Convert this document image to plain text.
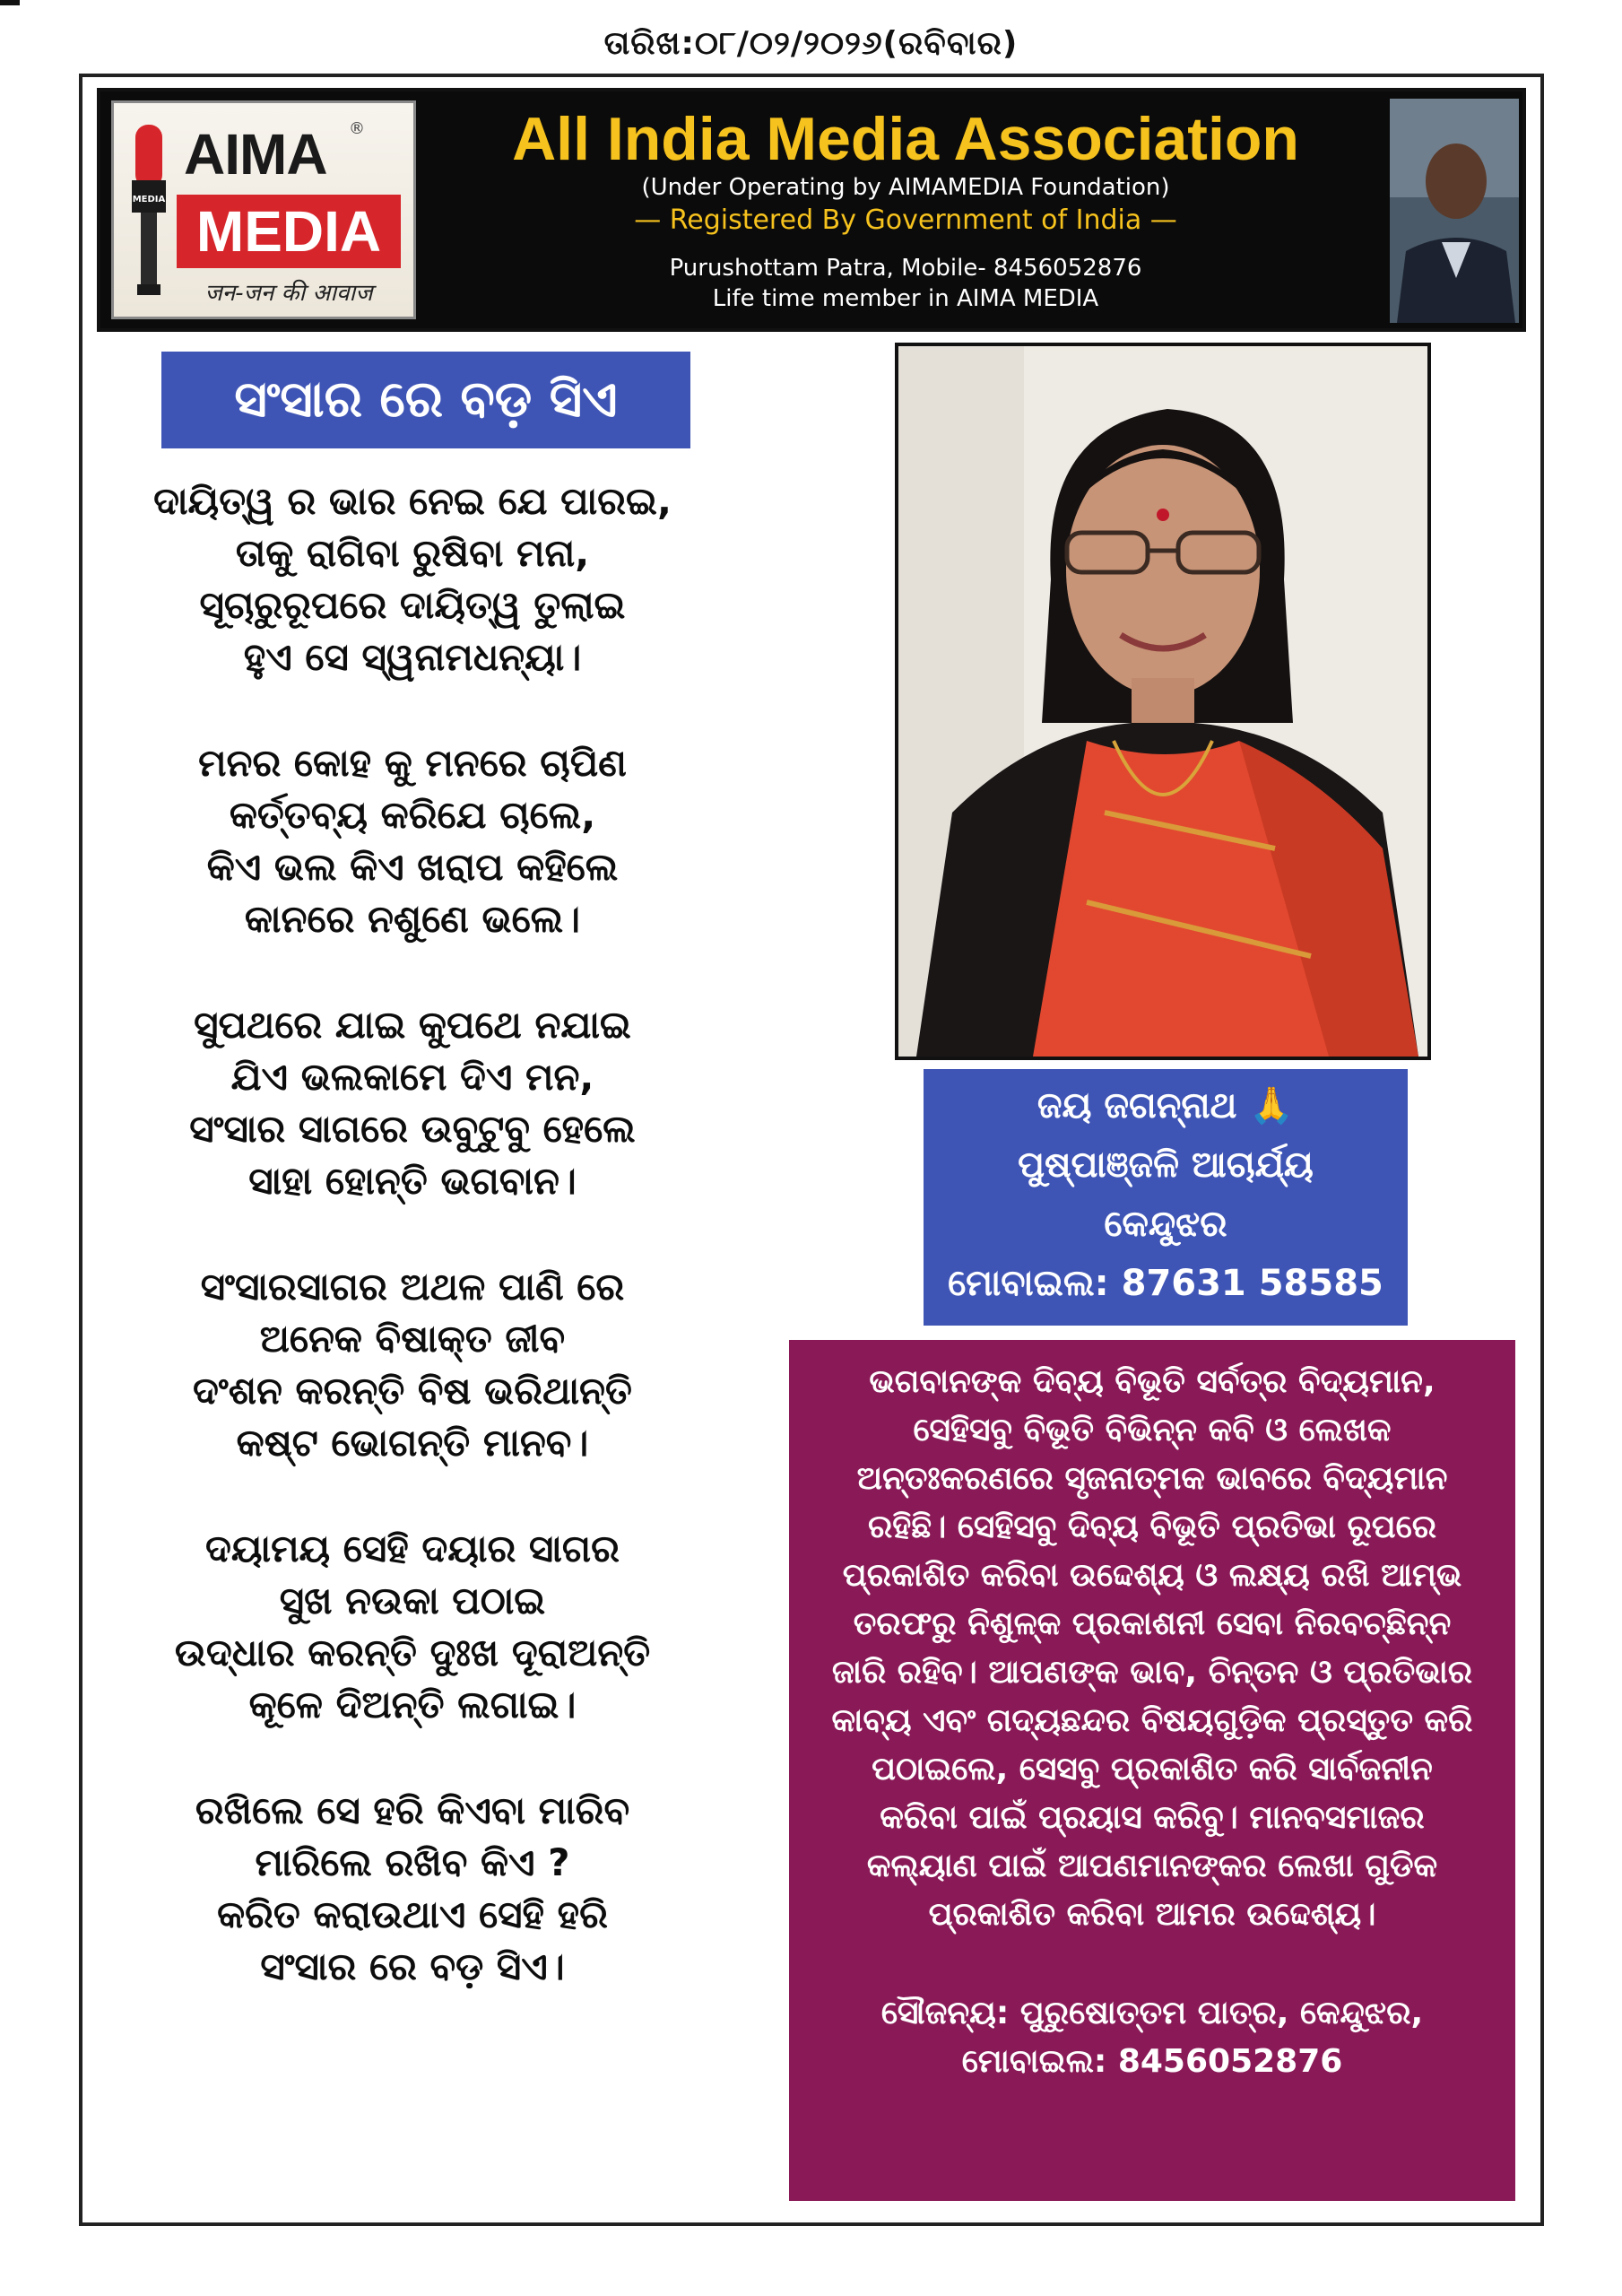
ତାରିଖ:୦୮/୦୨/୨୦୨୬(ରବିବାର)
MEDIA
AIMA ®
MEDIA
जन-जन की आवाज
All India Media Association
(Under Operating by AIMAMEDIA Foundation)
— Registered By Government of India —
Purushottam Patra, Mobile- 8456052876
Life time member in AIMA MEDIA
ସଂସାର ରେ ବଡ଼ ସିଏ
ଦାୟିତ୍ୱ ର ଭାର ନେଇ ଯେ ପାରଇ,
ତାକୁ ରାଗିବା ରୁଷିବା ମନା,
ସୂଚାରୁରୂପରେ ଦାୟିତ୍ୱ ତୁଲାଇ
ହୁଏ ସେ ସ୍ୱନାମଧନ୍ୟା।
ମନର କୋହ କୁ ମନରେ ଚାପିଣ
କର୍ତ୍ତବ୍ୟ କରିଯେ ଚାଲେ,
କିଏ ଭଲ କିଏ ଖରାପ କହିଲେ
କାନରେ ନଶୁଣେ ଭଲେ।
ସୁପଥରେ ଯାଇ କୁପଥେ ନଯାଇ
ଯିଏ ଭଲକାମେ ଦିଏ ମନ,
ସଂସାର ସାଗରେ ଉବୁଟୁବୁ ହେଲେ
ସାହା ହୋନ୍ତି ଭଗବାନ।
ସଂସାରସାଗର ଅଥଳ ପାଣି ରେ
ଅନେକ ବିଷାକ୍ତ ଜୀବ
ଦଂଶନ କରନ୍ତି ବିଷ ଭରିଥାନ୍ତି
କଷ୍ଟ ଭୋଗନ୍ତି ମାନବ।
ଦୟାମୟ ସେହି ଦୟାର ସାଗର
ସୁଖ ନଉକା ପଠାଇ
ଉଦ୍ଧାର କରନ୍ତି ଦୁଃଖ ଦୂରାଅନ୍ତି
କୂଳେ ଦିଅନ୍ତି ଲଗାଇ।
ରଖିଲେ ସେ ହରି କିଏବା ମାରିବ
ମାରିଲେ ରଖିବ କିଏ ?
କରିତ କରାଉଥାଏ ସେହି ହରି
ସଂସାର ରେ ବଡ଼ ସିଏ।
ଜୟ ଜଗନ୍ନାଥ 🙏
ପୁଷ୍ପାଞ୍ଜଳି ଆଚାର୍ଯ୍ୟ
କେନ୍ଦୁଝର
ମୋବାଇଲ: 87631 58585
ଭଗବାନଙ୍କ ଦିବ୍ୟ ବିଭୂତି ସର୍ବତ୍ର ବିଦ୍ୟମାନ,
ସେହିସବୁ ବିଭୂତି ବିଭିନ୍ନ କବି ଓ ଲେଖକ
ଅନ୍ତଃକରଣରେ ସୃଜନାତ୍ମକ ଭାବରେ ବିଦ୍ୟମାନ
ରହିଛି। ସେହିସବୁ ଦିବ୍ୟ ବିଭୂତି ପ୍ରତିଭା ରୂପରେ
ପ୍ରକାଶିତ କରିବା ଉଦ୍ଦେଶ୍ୟ ଓ ଲକ୍ଷ୍ୟ ରଖି ଆମ୍ଭ
ତରଫରୁ ନିଶୁଳ୍କ ପ୍ରକାଶନୀ ସେବା ନିରବଚ୍ଛିନ୍ନ
ଜାରି ରହିବ। ଆପଣଙ୍କ ଭାବ, ଚିନ୍ତନ ଓ ପ୍ରତିଭାର
କାବ୍ୟ ଏବଂ ଗଦ୍ୟଛନ୍ଦର ବିଷୟଗୁଡ଼ିକ ପ୍ରସ୍ତୁତ କରି
ପଠାଇଲେ, ସେସବୁ ପ୍ରକାଶିତ କରି ସାର୍ବଜନୀନ
କରିବା ପାଇଁ ପ୍ରୟାସ କରିବୁ। ମାନବସମାଜର
କଲ୍ୟାଣ ପାଇଁ ଆପଣମାନଙ୍କର ଲେଖା ଗୁଡିକ
ପ୍ରକାଶିତ କରିବା ଆମର ଉଦ୍ଦେଶ୍ୟ।
ସୌଜନ୍ୟ: ପୁରୁଷୋତ୍ତମ ପାତ୍ର, କେନ୍ଦୁଝର,
ମୋବାଇଲ: 8456052876
